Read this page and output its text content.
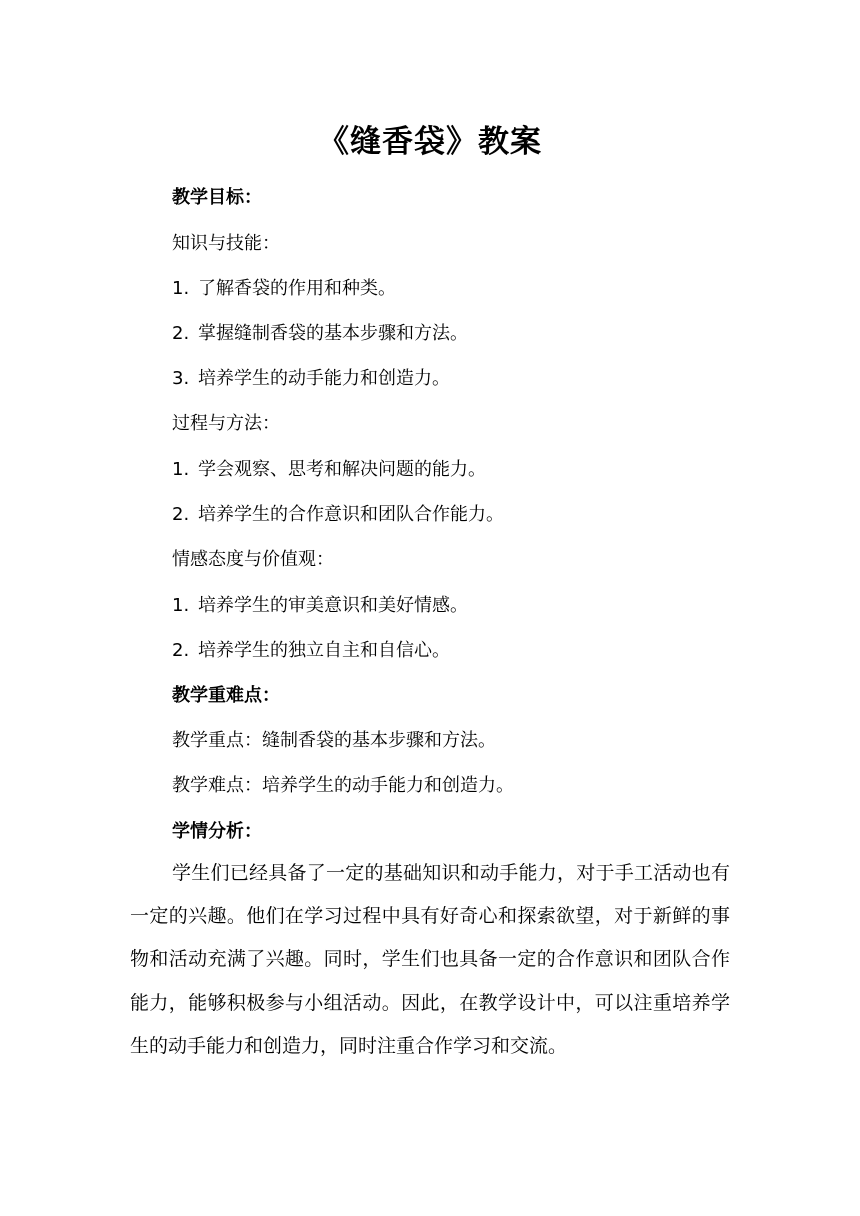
《缝香袋》教案
教学目标：
知识与技能：
1. 了解香袋的作用和种类。
2. 掌握缝制香袋的基本步骤和方法。
3. 培养学生的动手能力和创造力。
过程与方法：
1. 学会观察、思考和解决问题的能力。
2. 培养学生的合作意识和团队合作能力。
情感态度与价值观：
1. 培养学生的审美意识和美好情感。
2. 培养学生的独立自主和自信心。
教学重难点：
教学重点：缝制香袋的基本步骤和方法。
教学难点：培养学生的动手能力和创造力。
学情分析：
学生们已经具备了一定的基础知识和动手能力，对于手工活动也有一定的兴趣。他们在学习过程中具有好奇心和探索欲望，对于新鲜的事物和活动充满了兴趣。同时，学生们也具备一定的合作意识和团队合作能力，能够积极参与小组活动。因此，在教学设计中，可以注重培养学生的动手能力和创造力，同时注重合作学习和交流。
